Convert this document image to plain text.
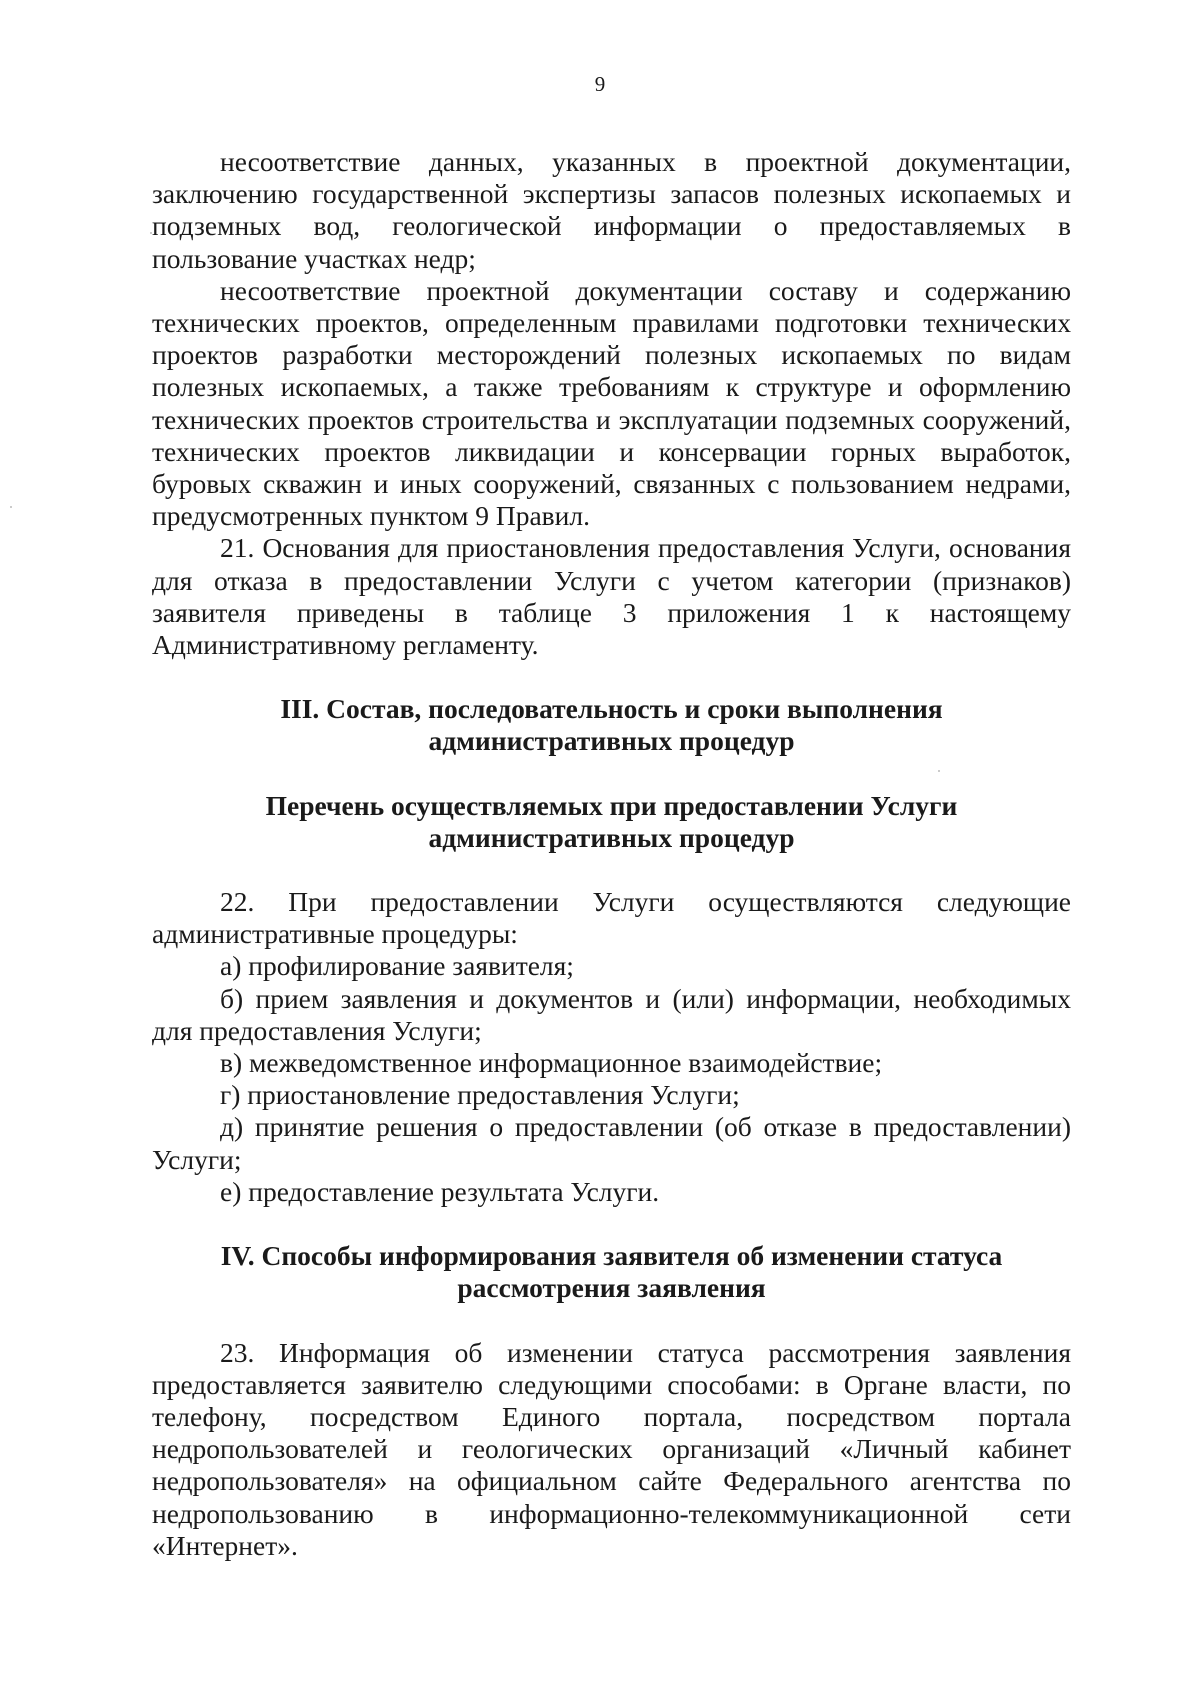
9

несоответствие данных, указанных в проектной документации, заключению государственной экспертизы запасов полезных ископаемых и подземных вод, геологической информации о предоставляемых в пользование участках недр;

несоответствие проектной документации составу и содержанию технических проектов, определенным правилами подготовки технических проектов разработки месторождений полезных ископаемых по видам полезных ископаемых, а также требованиям к структуре и оформлению технических проектов строительства и эксплуатации подземных сооружений, технических проектов ликвидации и консервации горных выработок, буровых скважин и иных сооружений, связанных с пользованием недрами, предусмотренных пунктом 9 Правил.

21. Основания для приостановления предоставления Услуги, основания для отказа в предоставлении Услуги с учетом категории (признаков) заявителя приведены в таблице 3 приложения 1 к настоящему Административному регламенту.

III. Состав, последовательность и сроки выполнения

административных процедур

Перечень осуществляемых при предоставлении Услуги

административных процедур

22. При предоставлении Услуги осуществляются следующие административные процедуры:

а) профилирование заявителя;

б) прием заявления и документов и (или) информации, необходимых для предоставления Услуги;

в) межведомственное информационное взаимодействие;

г) приостановление предоставления Услуги;

д) принятие решения о предоставлении (об отказе в предоставлении) Услуги;

е) предоставление результата Услуги.

IV. Способы информирования заявителя об изменении статуса

рассмотрения заявления

23. Информация об изменении статуса рассмотрения заявления предоставляется заявителю следующими способами: в Органе власти, по телефону, посредством Единого портала, посредством портала недропользователей и геологических организаций «Личный кабинет недропользователя» на официальном сайте Федерального агентства по недропользованию в информационно-телекоммуникационной сети «Интернет».
